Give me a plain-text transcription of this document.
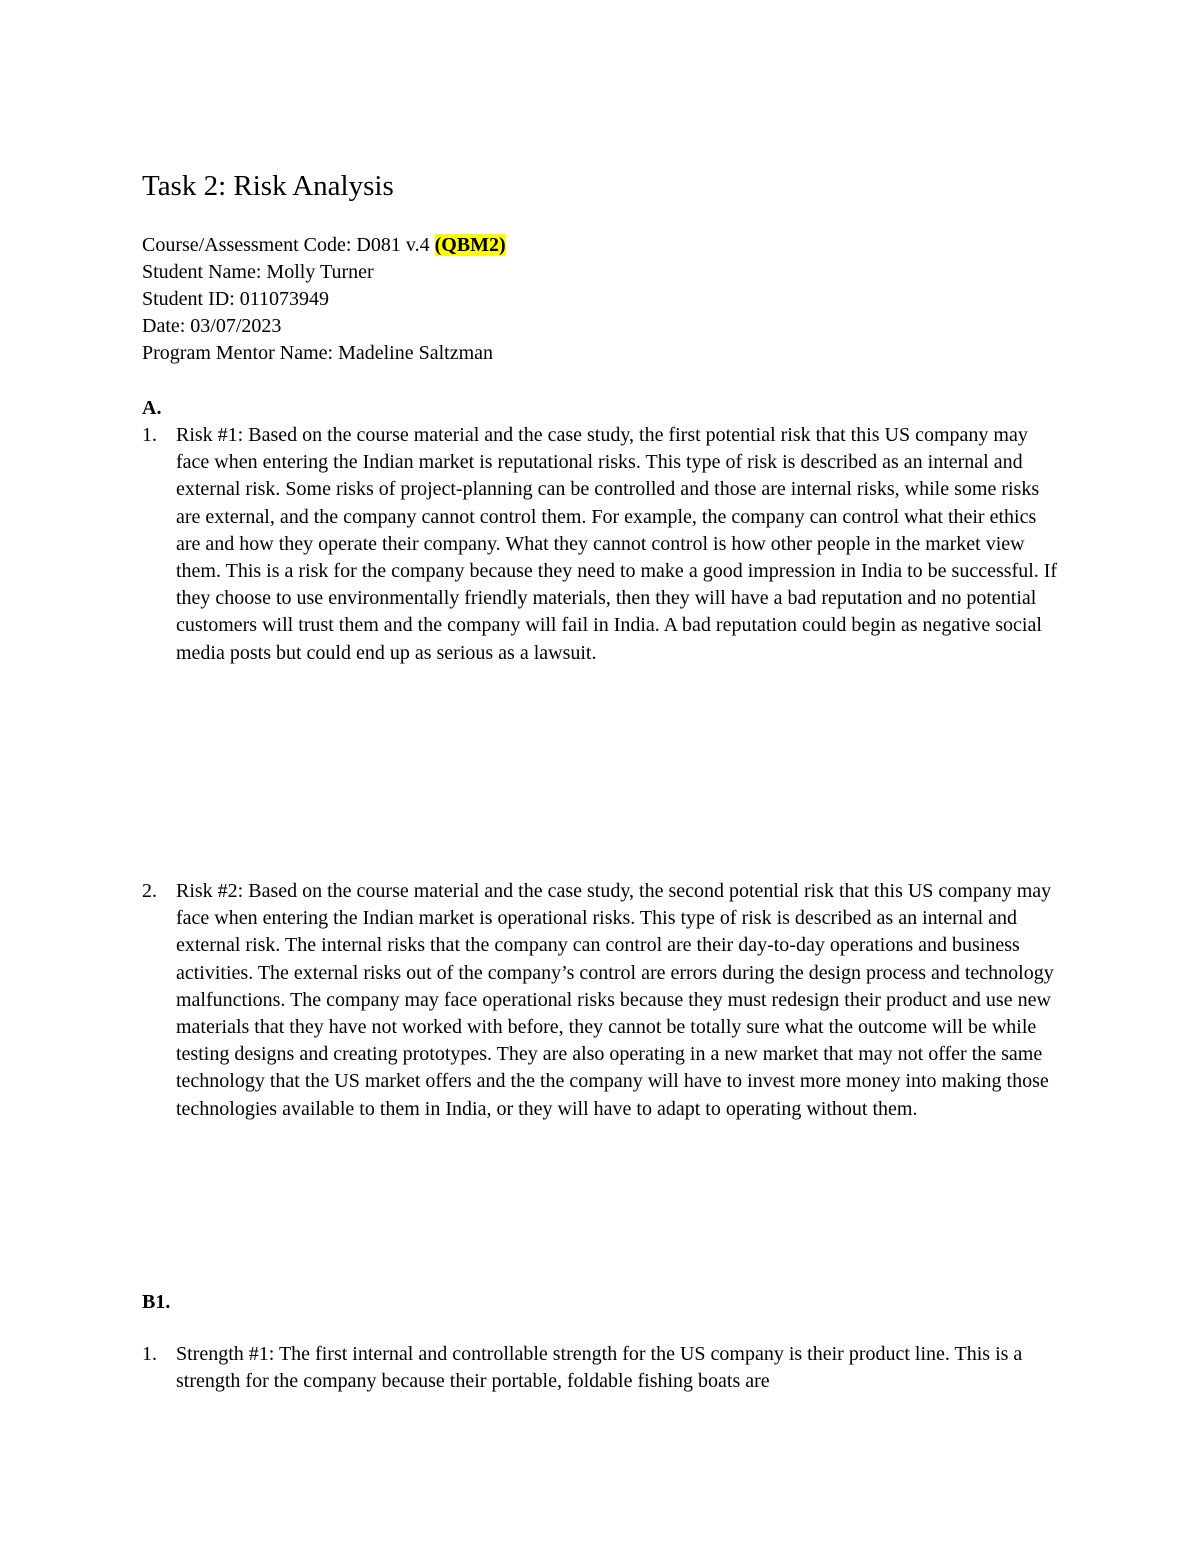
Task 2: Risk Analysis
Course/Assessment Code: D081 v.4 (QBM2)
Student Name: Molly Turner
Student ID: 011073949
Date: 03/07/2023
Program Mentor Name: Madeline Saltzman
A.
1. Risk #1: Based on the course material and the case study, the first potential risk that this US company may face when entering the Indian market is reputational risks. This type of risk is described as an internal and external risk. Some risks of project-planning can be controlled and those are internal risks, while some risks are external, and the company cannot control them. For example, the company can control what their ethics are and how they operate their company. What they cannot control is how other people in the market view them. This is a risk for the company because they need to make a good impression in India to be successful. If they choose to use environmentally friendly materials, then they will have a bad reputation and no potential customers will trust them and the company will fail in India. A bad reputation could begin as negative social media posts but could end up as serious as a lawsuit.
2. Risk #2: Based on the course material and the case study, the second potential risk that this US company may face when entering the Indian market is operational risks. This type of risk is described as an internal and external risk. The internal risks that the company can control are their day-to-day operations and business activities. The external risks out of the company’s control are errors during the design process and technology malfunctions. The company may face operational risks because they must redesign their product and use new materials that they have not worked with before, they cannot be totally sure what the outcome will be while testing designs and creating prototypes. They are also operating in a new market that may not offer the same technology that the US market offers and the the company will have to invest more money into making those technologies available to them in India, or they will have to adapt to operating without them.
B1.
1. Strength #1: The first internal and controllable strength for the US company is their product line. This is a strength for the company because their portable, foldable fishing boats are
